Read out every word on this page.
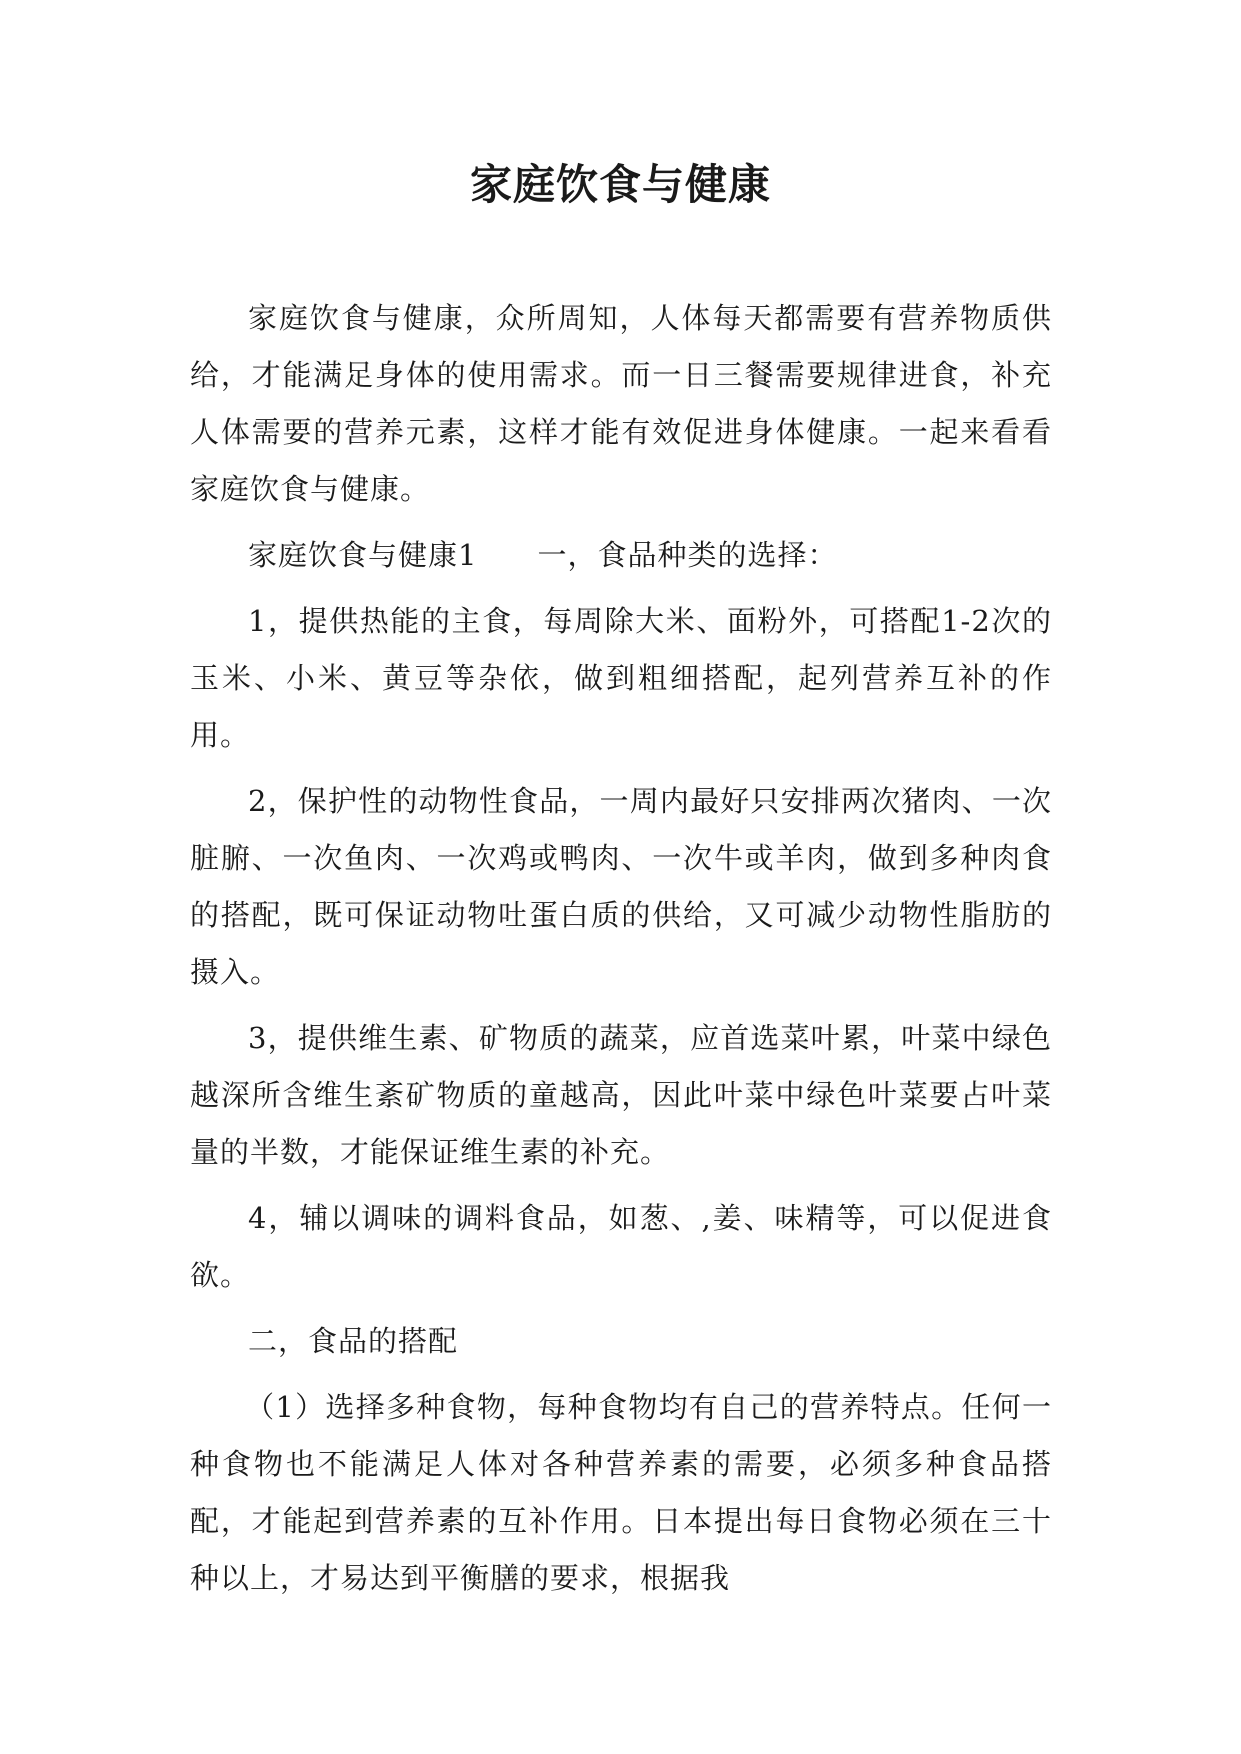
家庭饮食与健康

家庭饮食与健康，众所周知，人体每天都需要有营养物质供给，才能满足身体的使用需求。而一日三餐需要规律进食，补充人体需要的营养元素，这样才能有效促进身体健康。一起来看看家庭饮食与健康。

家庭饮食与健康1 一，食品种类的选择：

1，提供热能的主食，每周除大米、面粉外，可搭配1-2次的玉米、小米、黄豆等杂依，做到粗细搭配，起列营养互补的作用。

2，保护性的动物性食品，一周内最好只安排两次猪肉、一次脏腑、一次鱼肉、一次鸡或鸭肉、一次牛或羊肉，做到多种肉食的搭配，既可保证动物吐蛋白质的供给，又可减少动物性脂肪的摄入。

3，提供维生素、矿物质的蔬菜，应首选菜叶累，叶菜中绿色越深所含维生紊矿物质的童越高，因此叶菜中绿色叶菜要占叶菜量的半数，才能保证维生素的补充。

4，辅以调味的调料食品，如葱、,姜、味精等，可以促进食欲。

二，食品的搭配

（1）选择多种食物，每种食物均有自己的营养特点。任何一种食物也不能满足人体对各种营养素的需要，必须多种食品搭配，才能起到营养素的互补作用。日本提出每日食物必须在三十种以上，才易达到平衡膳的要求，根据我
